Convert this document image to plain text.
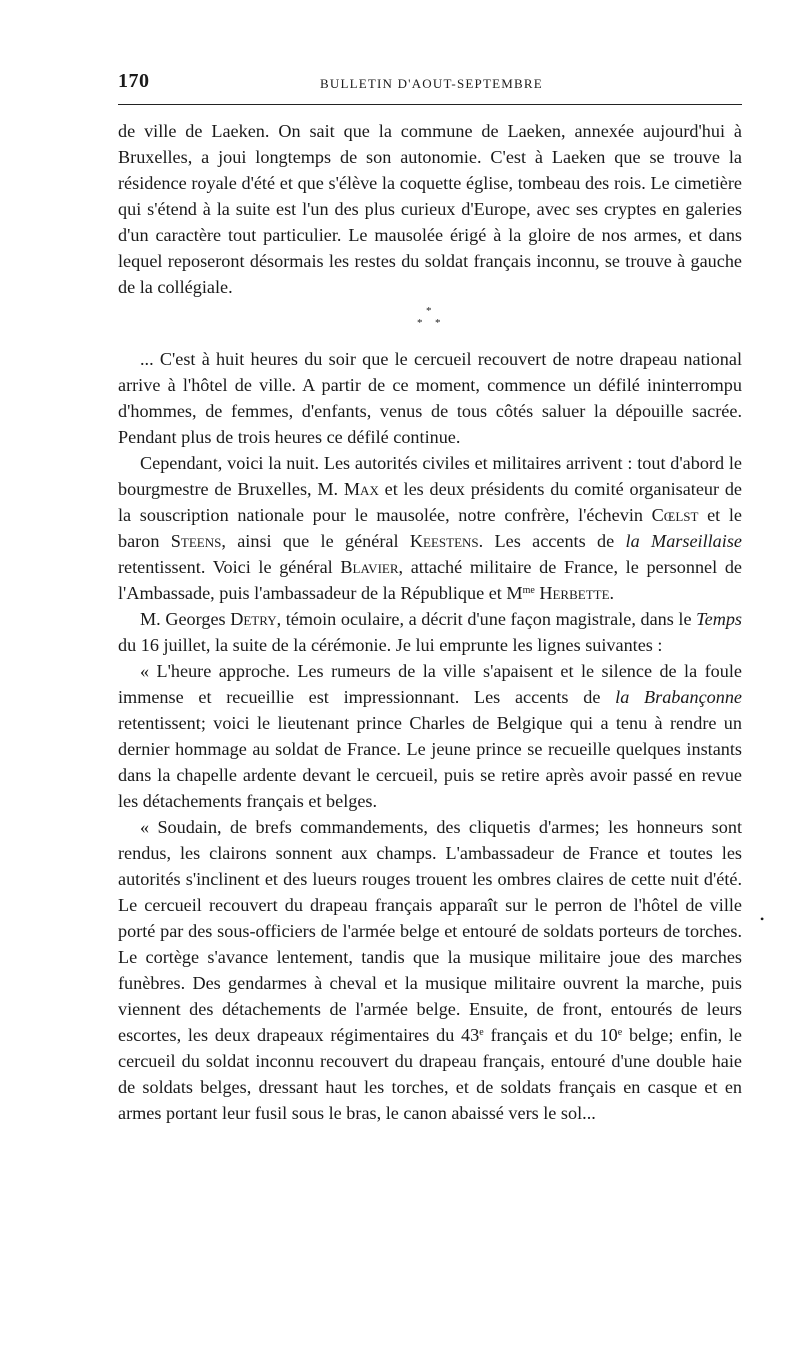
170	BULLETIN D'AOUT-SEPTEMBRE

de ville de Laeken. On sait que la commune de Laeken, annexée aujourd'hui à Bruxelles, a joui longtemps de son autonomie. C'est à Laeken que se trouve la résidence royale d'été et que s'élève la coquette église, tombeau des rois. Le cimetière qui s'étend à la suite est l'un des plus curieux d'Europe, avec ses cryptes en galeries d'un caractère tout particulier. Le mausolée érigé à la gloire de nos armes, et dans lequel reposeront désormais les restes du soldat français inconnu, se trouve à gauche de la collégiale.

*
* *

... C'est à huit heures du soir que le cercueil recouvert de notre drapeau national arrive à l'hôtel de ville. A partir de ce moment, commence un défilé ininterrompu d'hommes, de femmes, d'enfants, venus de tous côtés saluer la dépouille sacrée. Pendant plus de trois heures ce défilé continue.

Cependant, voici la nuit. Les autorités civiles et militaires arrivent : tout d'abord le bourgmestre de Bruxelles, M. Max et les deux présidents du comité organisateur de la souscription nationale pour le mausolée, notre confrère, l'échevin Cœlst et le baron Steens, ainsi que le général Keestens. Les accents de la Marseillaise retentissent. Voici le général Blavier, attaché militaire de France, le personnel de l'Ambassade, puis l'ambassadeur de la République et $M^{me}$ Herbette.

M. Georges Detry, témoin oculaire, a décrit d'une façon magistrale, dans le Temps du 16 juillet, la suite de la cérémonie. Je lui emprunte les lignes suivantes :

« L'heure approche. Les rumeurs de la ville s'apaisent et le silence de la foule immense et recueillie est impressionnant. Les accents de la Brabançonne retentissent; voici le lieutenant prince Charles de Belgique qui a tenu à rendre un dernier hommage au soldat de France. Le jeune prince se recueille quelques instants dans la chapelle ardente devant le cercueil, puis se retire après avoir passé en revue les détachements français et belges.

« Soudain, de brefs commandements, des cliquetis d'armes; les honneurs sont rendus, les clairons sonnent aux champs. L'ambassadeur de France et toutes les autorités s'inclinent et des lueurs rouges trouent les ombres claires de cette nuit d'été. Le cercueil recouvert du drapeau français apparaît sur le perron de l'hôtel de ville porté par des sous-officiers de l'armée belge et entouré de soldats porteurs de torches. Le cortège s'avance lentement, tandis que la musique militaire joue des marches funèbres. Des gendarmes à cheval et la musique militaire ouvrent la marche, puis viennent des détachements de l'armée belge. Ensuite, de front, entourés de leurs escortes, les deux drapeaux régimentaires du 43e français et du 10e belge; enfin, le cercueil du soldat inconnu recouvert du drapeau français, entouré d'une double haie de soldats belges, dressant haut les torches, et de soldats français en casque et en armes portant leur fusil sous le bras, le canon abaissé vers le sol...

•
